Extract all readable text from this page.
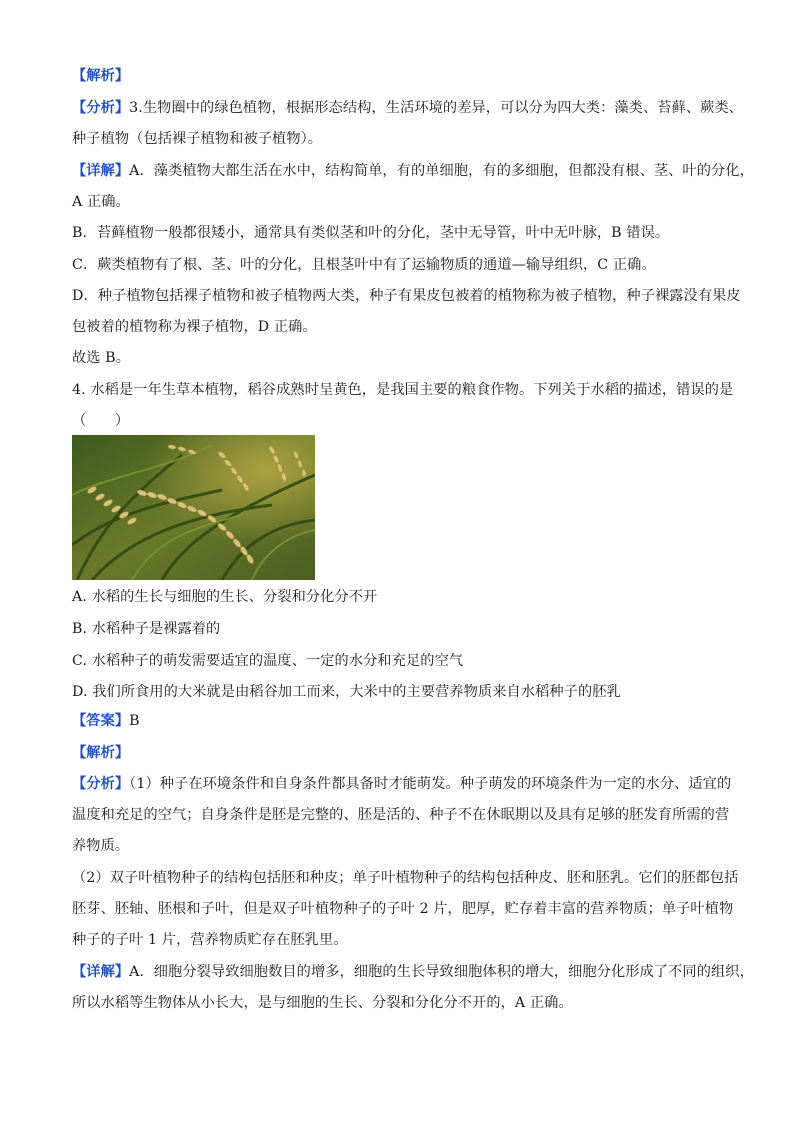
【解析】
【分析】3.生物圈中的绿色植物，根据形态结构，生活环境的差异，可以分为四大类：藻类、苔藓、蕨类、
种子植物（包括裸子植物和被子植物）。
【详解】A．藻类植物大都生活在水中，结构简单，有的单细胞，有的多细胞，但都没有根、茎、叶的分化，
A 正确。
B．苔藓植物一般都很矮小，通常具有类似茎和叶的分化，茎中无导管，叶中无叶脉，B 错误。
C．蕨类植物有了根、茎、叶的分化，且根茎叶中有了运输物质的通道—输导组织，C 正确。
D．种子植物包括裸子植物和被子植物两大类，种子有果皮包被着的植物称为被子植物，种子裸露没有果皮
包被着的植物称为裸子植物，D 正确。
故选 B。
4. 水稻是一年生草本植物，稻谷成熟时呈黄色，是我国主要的粮食作物。下列关于水稻的描述，错误的是
（　　）
A. 水稻的生长与细胞的生长、分裂和分化分不开
B. 水稻种子是裸露着的
C. 水稻种子的萌发需要适宜的温度、一定的水分和充足的空气
D. 我们所食用的大米就是由稻谷加工而来，大米中的主要营养物质来自水稻种子的胚乳
【答案】B
【解析】
【分析】（1）种子在环境条件和自身条件都具备时才能萌发。种子萌发的环境条件为一定的水分、适宜的
温度和充足的空气；自身条件是胚是完整的、胚是活的、种子不在休眠期以及具有足够的胚发育所需的营
养物质。
（2）双子叶植物种子的结构包括胚和种皮；单子叶植物种子的结构包括种皮、胚和胚乳。它们的胚都包括
胚芽、胚轴、胚根和子叶，但是双子叶植物种子的子叶 2 片，肥厚，贮存着丰富的营养物质；单子叶植物
种子的子叶 1 片，营养物质贮存在胚乳里。
【详解】A．细胞分裂导致细胞数目的增多，细胞的生长导致细胞体积的增大，细胞分化形成了不同的组织，
所以水稻等生物体从小长大，是与细胞的生长、分裂和分化分不开的，A 正确。
